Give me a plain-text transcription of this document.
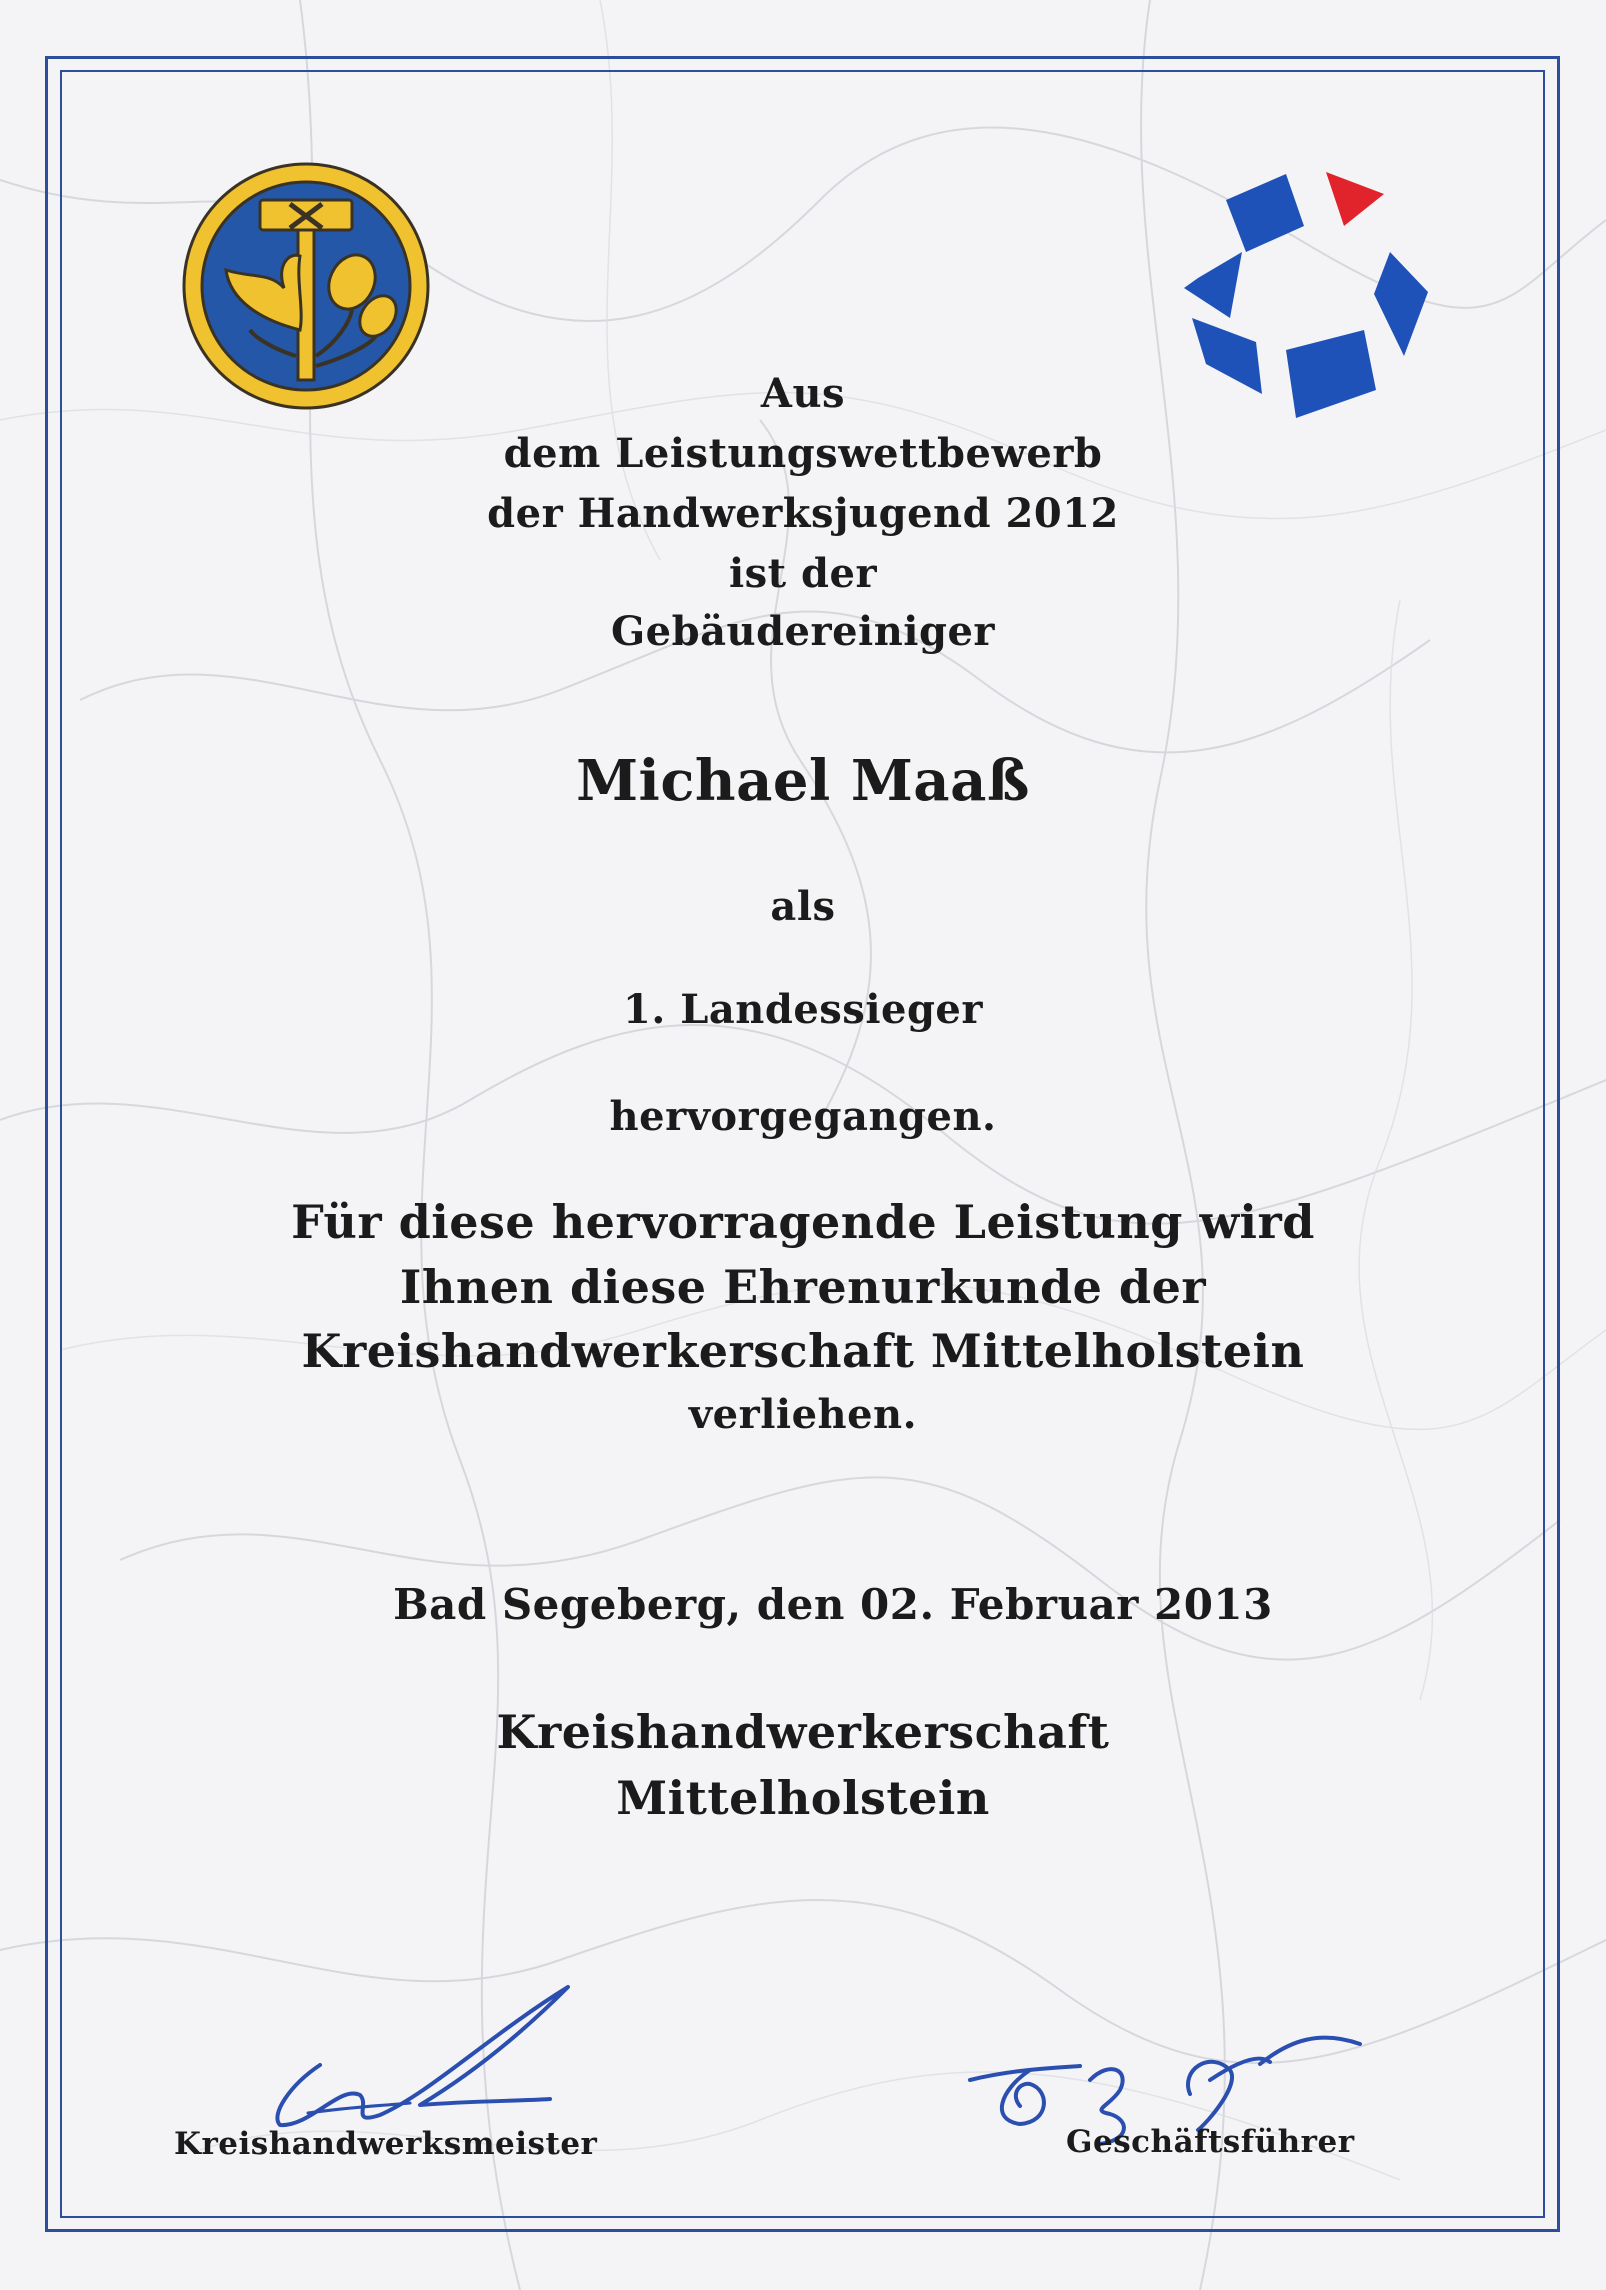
Aus
dem Leistungswettbewerb
der Handwerksjugend 2012
ist der
Gebäudereiniger
Michael Maaß
als
1. Landessieger
hervorgegangen.
Für diese hervorragende Leistung wird
Ihnen diese Ehrenurkunde der
Kreishandwerkerschaft Mittelholstein
verliehen.
Bad Segeberg, den 02. Februar 2013
Kreishandwerkerschaft
Mittelholstein
Kreishandwerksmeister	Geschäftsführer
